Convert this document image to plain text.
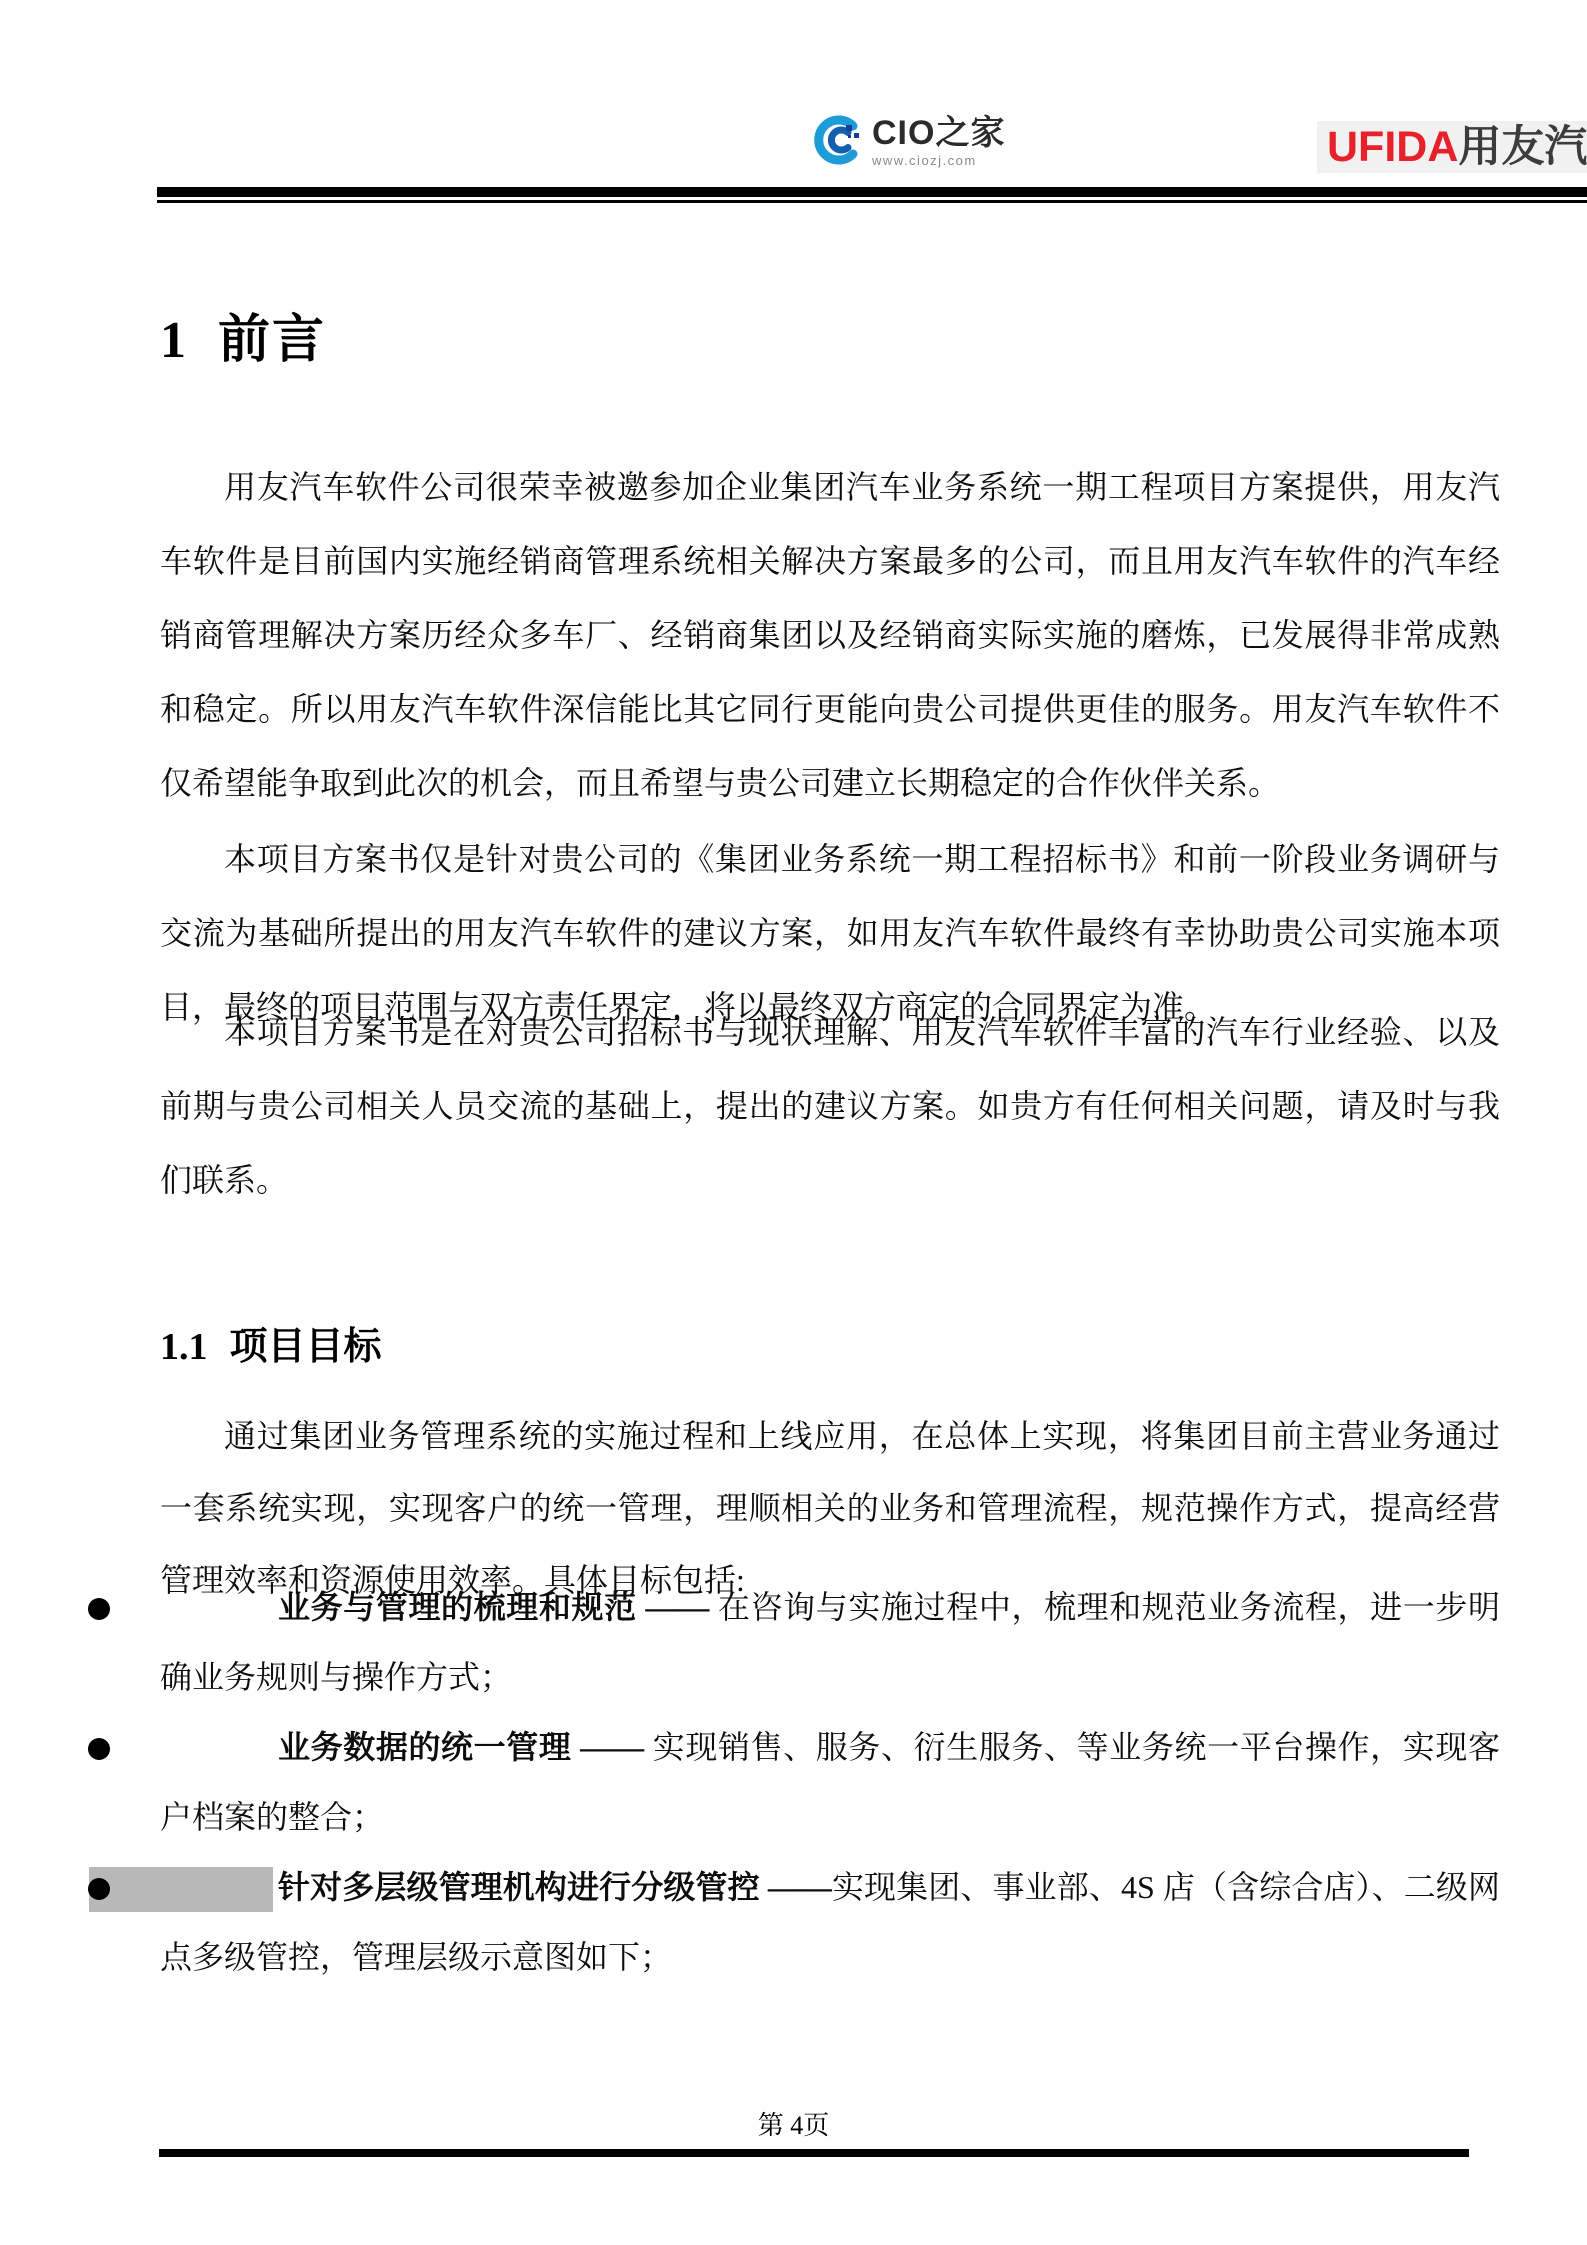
CIO之家
www.ciozj.com	UFIDA用友汽
1 前言

用友汽车软件公司很荣幸被邀参加企业集团汽车业务系统一期工程项目方案提供，用友汽车软件是目前国内实施经销商管理系统相关解决方案最多的公司，而且用友汽车软件的汽车经销商管理解决方案历经众多车厂、经销商集团以及经销商实际实施的磨炼，已发展得非常成熟和稳定。所以用友汽车软件深信能比其它同行更能向贵公司提供更佳的服务。用友汽车软件不仅希望能争取到此次的机会，而且希望与贵公司建立长期稳定的合作伙伴关系。

本项目方案书仅是针对贵公司的《集团业务系统一期工程招标书》和前一阶段业务调研与交流为基础所提出的用友汽车软件的建议方案，如用友汽车软件最终有幸协助贵公司实施本项目，最终的项目范围与双方责任界定，将以最终双方商定的合同界定为准。

本项目方案书是在对贵公司招标书与现状理解、用友汽车软件丰富的汽车行业经验、以及前期与贵公司相关人员交流的基础上，提出的建议方案。如贵方有任何相关问题，请及时与我们联系。

1.1 项目目标

通过集团业务管理系统的实施过程和上线应用，在总体上实现，将集团目前主营业务通过一套系统实现，实现客户的统一管理，理顺相关的业务和管理流程，规范操作方式，提高经营管理效率和资源使用效率。具体目标包括:

业务与管理的梳理和规范 —— 在咨询与实施过程中，梳理和规范业务流程，进一步明确业务规则与操作方式；

业务数据的统一管理 —— 实现销售、服务、衍生服务、等业务统一平台操作，实现客户档案的整合；

针对多层级管理机构进行分级管控 ——实现集团、事业部、4S 店（含综合店）、二级网点多级管控，管理层级示意图如下；

第 4页
